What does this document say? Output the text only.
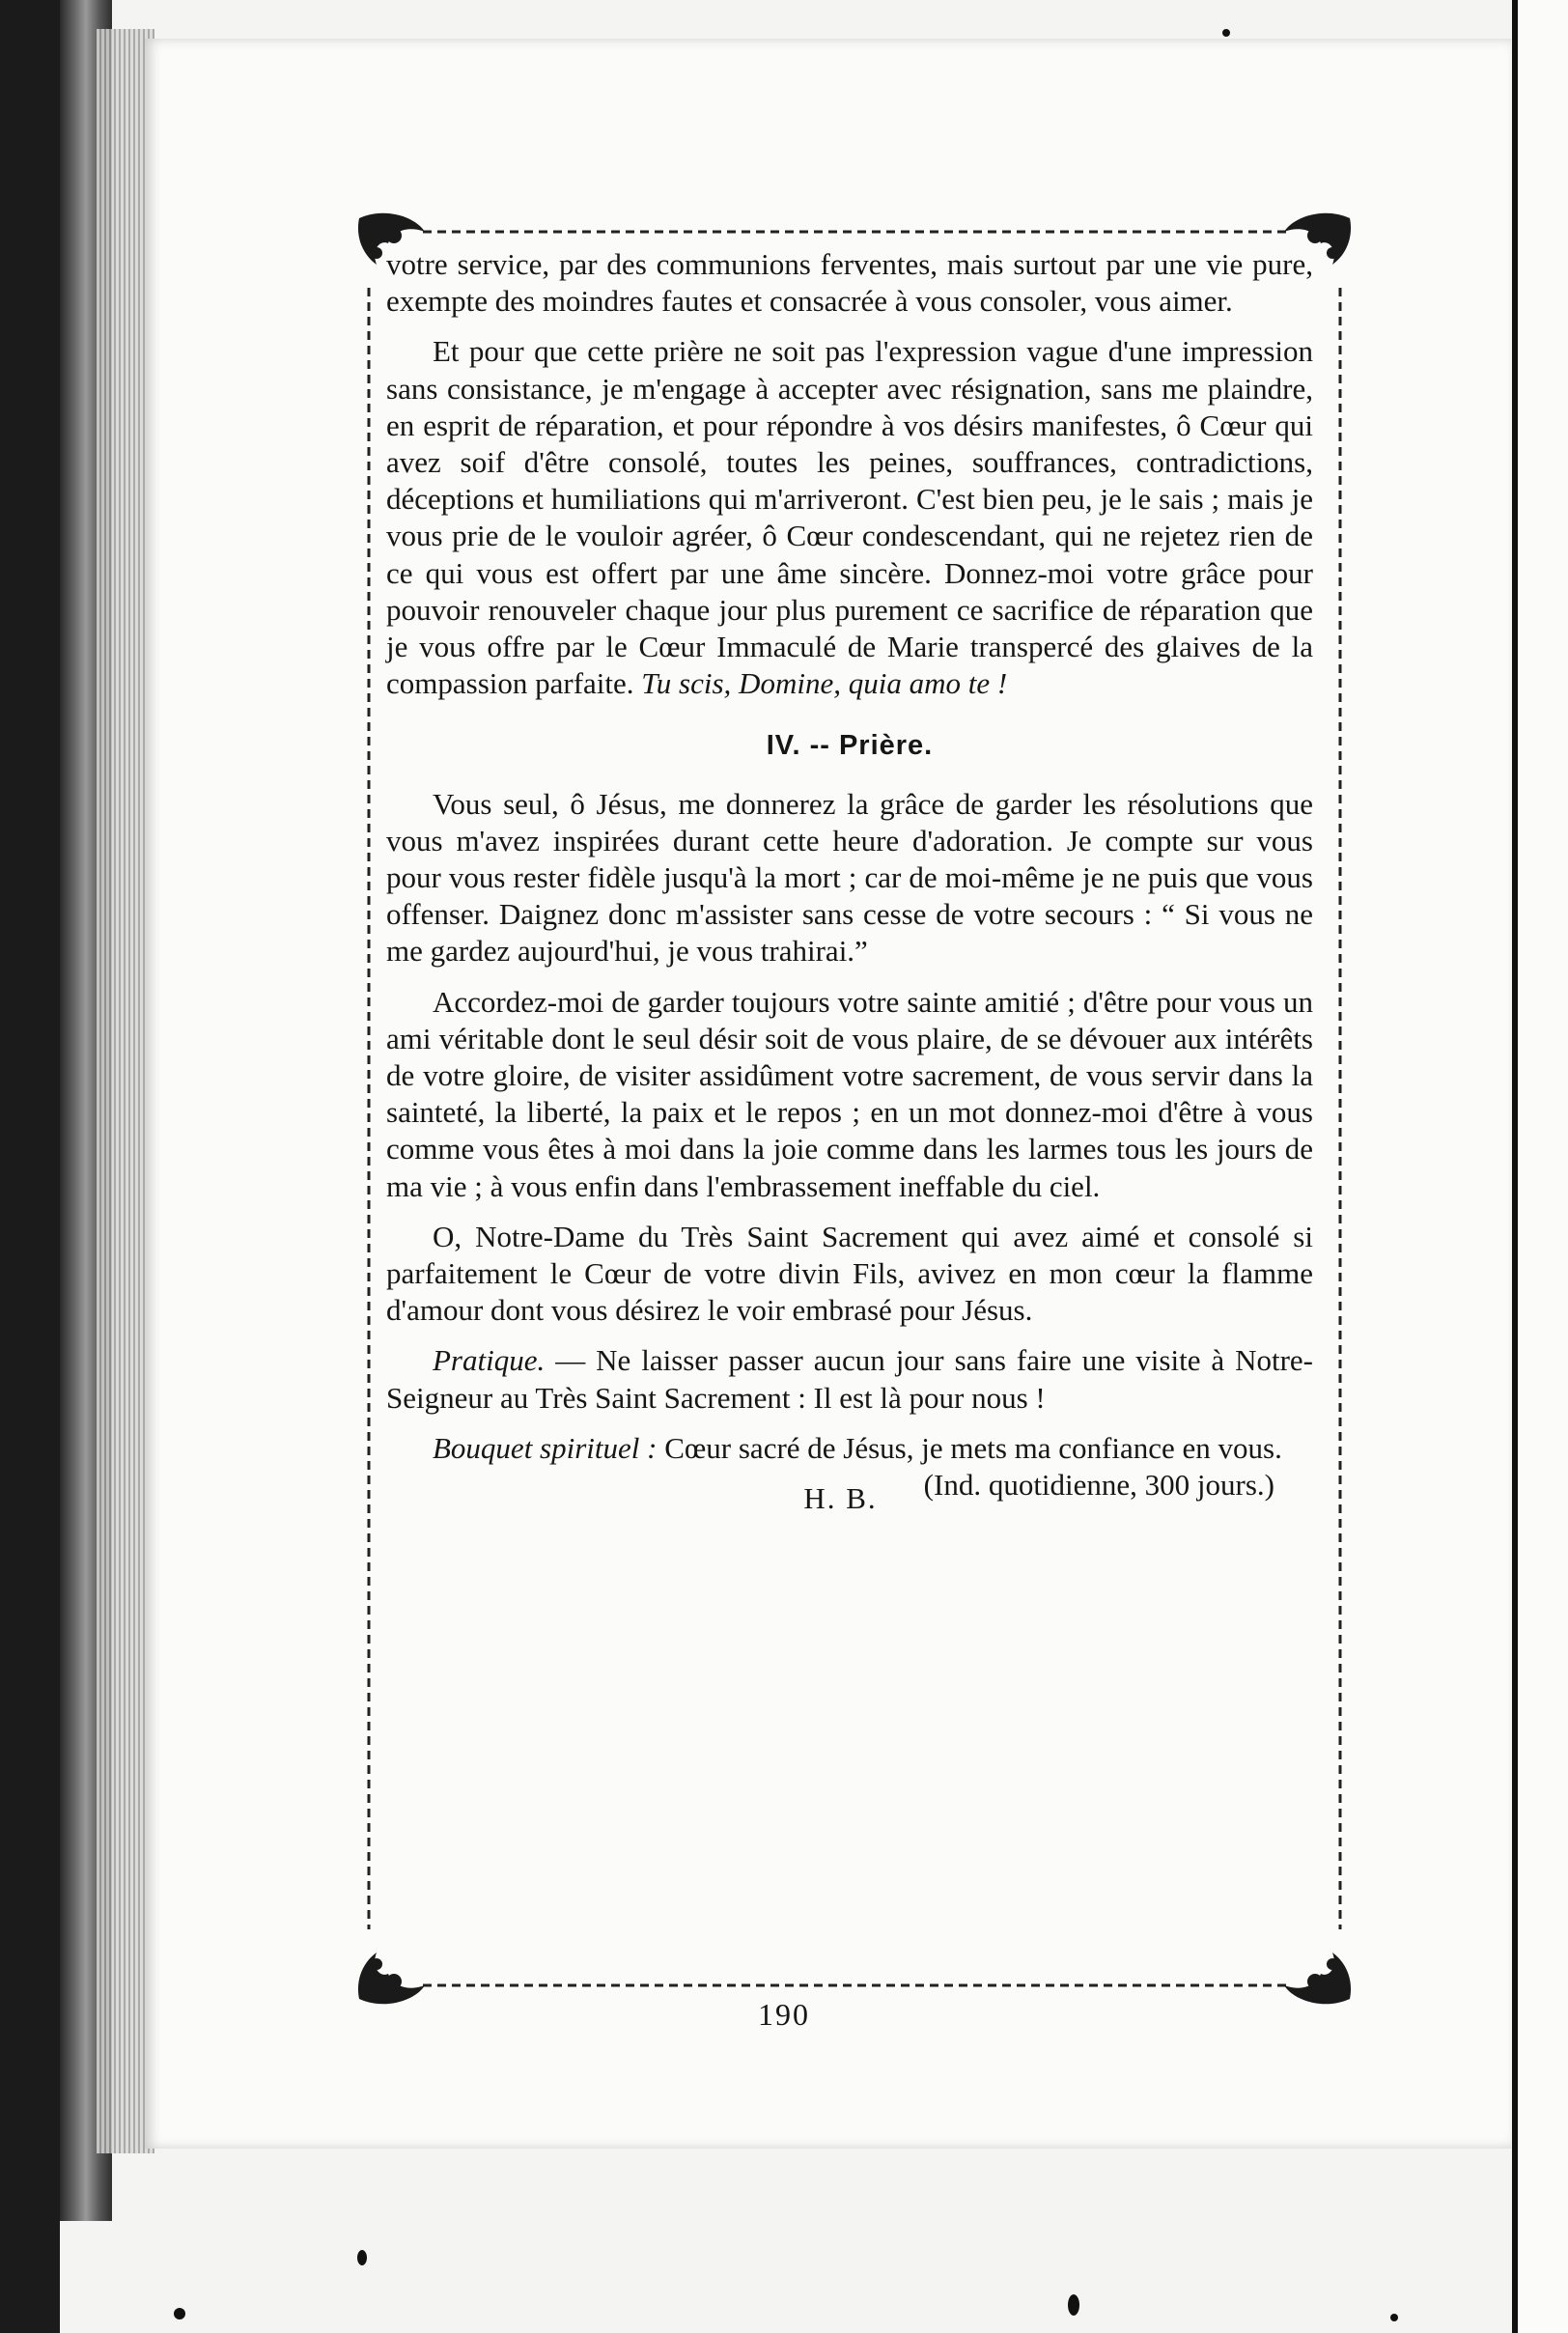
votre service, par des communions ferventes, mais surtout par une vie pure, exempte des moindres fautes et consacrée à vous consoler, vous aimer.

Et pour que cette prière ne soit pas l'expression vague d'une impression sans consistance, je m'engage à accepter avec résignation, sans me plaindre, en esprit de réparation, et pour répondre à vos désirs manifestes, ô Cœur qui avez soif d'être consolé, toutes les peines, souffrances, contradictions, déceptions et humiliations qui m'arriveront. C'est bien peu, je le sais ; mais je vous prie de le vouloir agréer, ô Cœur condescendant, qui ne rejetez rien de ce qui vous est offert par une âme sincère. Donnez-moi votre grâce pour pouvoir renouveler chaque jour plus purement ce sacrifice de réparation que je vous offre par le Cœur Immaculé de Marie transpercé des glaives de la compassion parfaite. Tu scis, Domine, quia amo te !

IV. -- Prière.

Vous seul, ô Jésus, me donnerez la grâce de garder les résolutions que vous m'avez inspirées durant cette heure d'adoration. Je compte sur vous pour vous rester fidèle jusqu'à la mort ; car de moi-même je ne puis que vous offenser. Daignez donc m'assister sans cesse de votre secours : “ Si vous ne me gardez aujourd'hui, je vous trahirai.”

Accordez-moi de garder toujours votre sainte amitié ; d'être pour vous un ami véritable dont le seul désir soit de vous plaire, de se dévouer aux intérêts de votre gloire, de visiter assidûment votre sacrement, de vous servir dans la sainteté, la liberté, la paix et le repos ; en un mot donnez-moi d'être à vous comme vous êtes à moi dans la joie comme dans les larmes tous les jours de ma vie ; à vous enfin dans l'embrassement ineffable du ciel.

O, Notre-Dame du Très Saint Sacrement qui avez aimé et consolé si parfaitement le Cœur de votre divin Fils, avivez en mon cœur la flamme d'amour dont vous désirez le voir embrasé pour Jésus.

Pratique. — Ne laisser passer aucun jour sans faire une visite à Notre-Seigneur au Très Saint Sacrement : Il est là pour nous !

Bouquet spirituel : Cœur sacré de Jésus, je mets ma confiance en vous.
(Ind. quotidienne, 300 jours.)

H. B.
190
